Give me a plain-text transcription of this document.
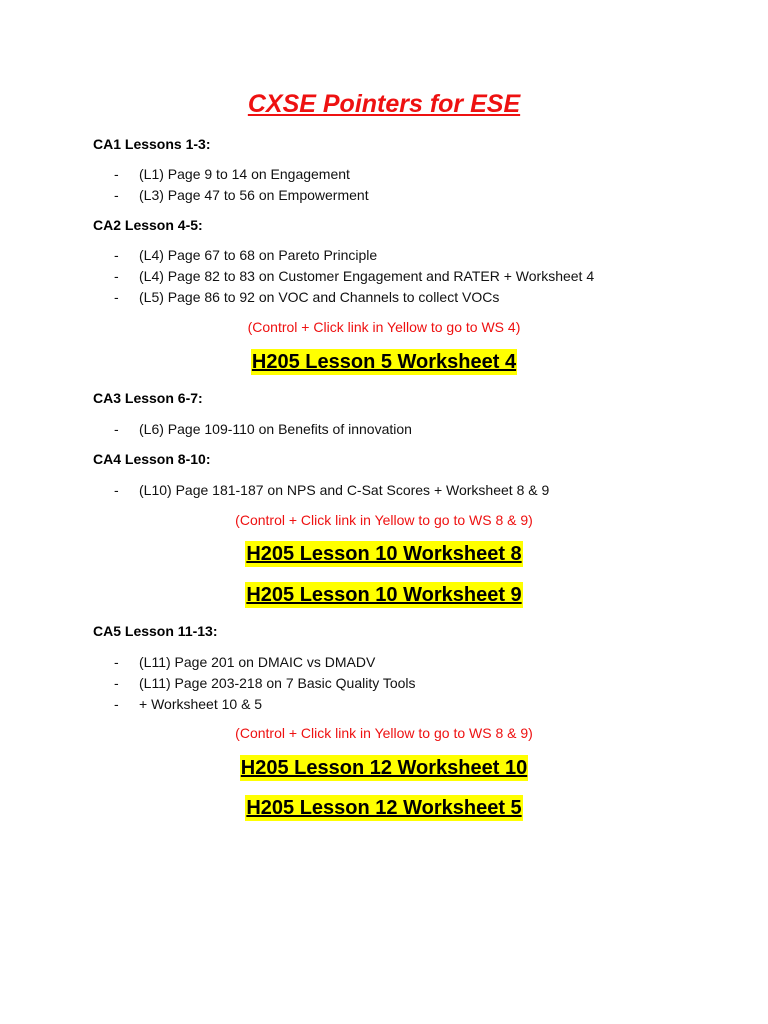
CXSE Pointers for ESE
CA1 Lessons 1-3:
- (L1) Page 9 to 14 on Engagement
- (L3) Page 47 to 56 on Empowerment
CA2 Lesson 4-5:
- (L4) Page 67 to 68 on Pareto Principle
- (L4) Page 82 to 83 on Customer Engagement and RATER + Worksheet 4
- (L5) Page 86 to 92 on VOC and Channels to collect VOCs
(Control + Click link in Yellow to go to WS 4)
H205 Lesson 5 Worksheet 4
CA3 Lesson 6-7:
- (L6) Page 109-110 on Benefits of innovation
CA4 Lesson 8-10:
- (L10) Page 181-187 on NPS and C-Sat Scores + Worksheet 8 & 9
(Control + Click link in Yellow to go to WS 8 & 9)
H205 Lesson 10 Worksheet 8
H205 Lesson 10 Worksheet 9
CA5 Lesson 11-13:
- (L11) Page 201 on DMAIC vs DMADV
- (L11) Page 203-218 on 7 Basic Quality Tools
- + Worksheet 10 & 5
(Control + Click link in Yellow to go to WS 8 & 9)
H205 Lesson 12 Worksheet 10
H205 Lesson 12 Worksheet 5
